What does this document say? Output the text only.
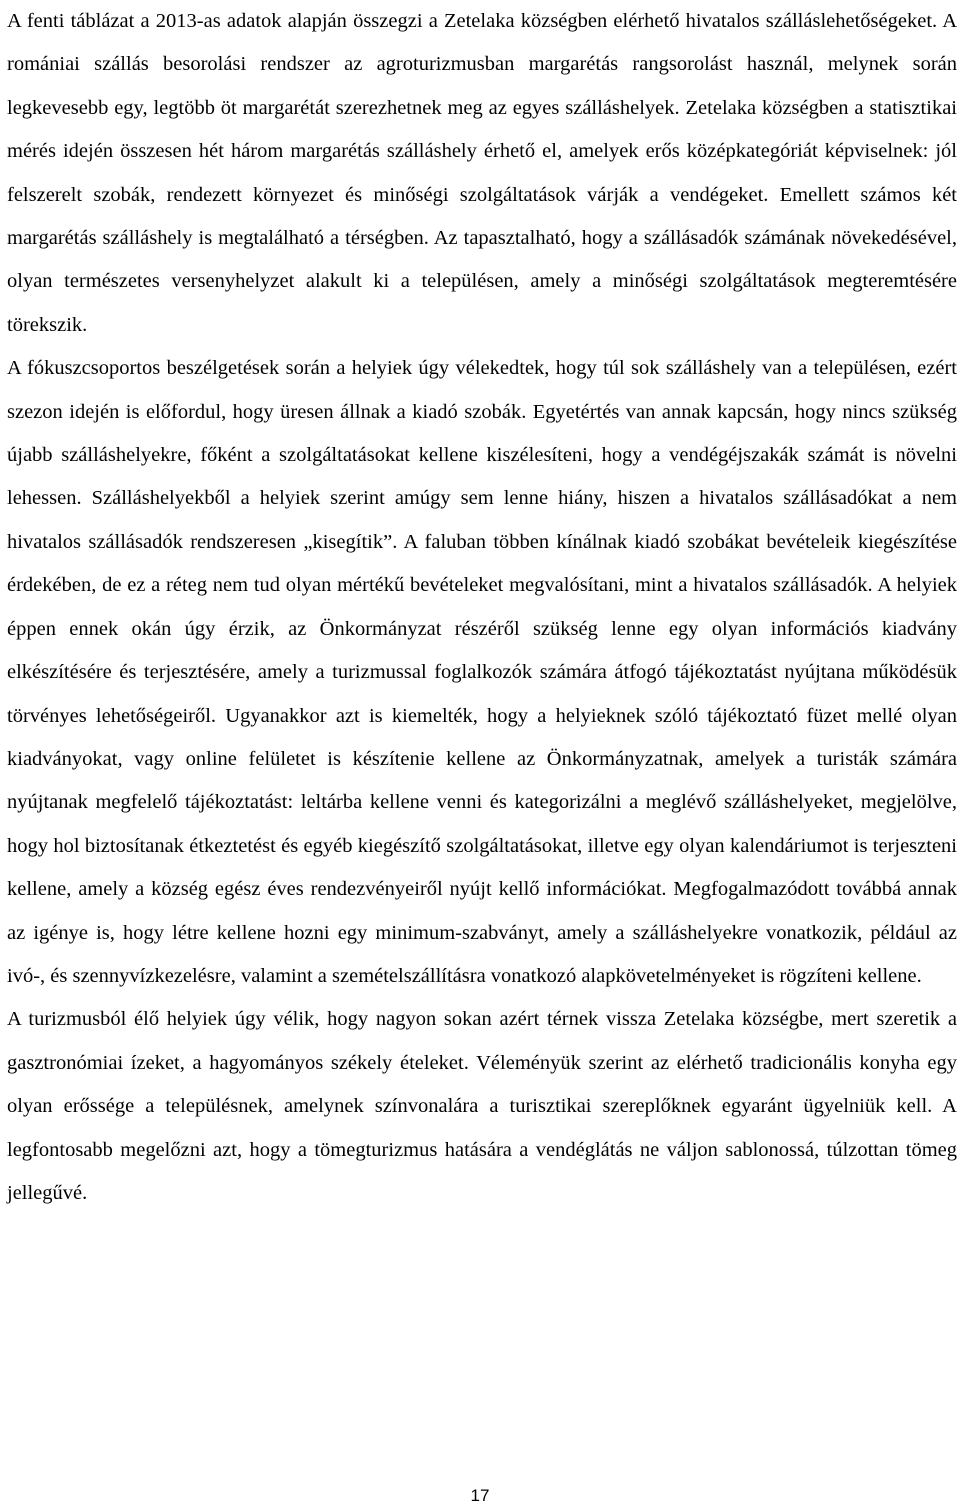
A fenti táblázat a 2013-as adatok alapján összegzi a Zetelaka községben elérhető hivatalos szálláslehetőségeket. A romániai szállás besorolási rendszer az agroturizmusban margarétás rangsorolást használ, melynek során legkevesebb egy, legtöbb öt margarétát szerezhetnek meg az egyes szálláshelyek. Zetelaka községben a statisztikai mérés idején összesen hét három margarétás szálláshely érhető el, amelyek erős középkategóriát képviselnek: jól felszerelt szobák, rendezett környezet és minőségi szolgáltatások várják a vendégeket. Emellett számos két margarétás szálláshely is megtalálható a térségben. Az tapasztalható, hogy a szállásadók számának növekedésével, olyan természetes versenyhelyzet alakult ki a településen, amely a minőségi szolgáltatások megteremtésére törekszik.

A fókuszcsoportos beszélgetések során a helyiek úgy vélekedtek, hogy túl sok szálláshely van a településen, ezért szezon idején is előfordul, hogy üresen állnak a kiadó szobák. Egyetértés van annak kapcsán, hogy nincs szükség újabb szálláshelyekre, főként a szolgáltatásokat kellene kiszélesíteni, hogy a vendégéjszakák számát is növelni lehessen. Szálláshelyekből a helyiek szerint amúgy sem lenne hiány, hiszen a hivatalos szállásadókat a nem hivatalos szállásadók rendszeresen „kisegítik”. A faluban többen kínálnak kiadó szobákat bevételeik kiegészítése érdekében, de ez a réteg nem tud olyan mértékű bevételeket megvalósítani, mint a hivatalos szállásadók. A helyiek éppen ennek okán úgy érzik, az Önkormányzat részéről szükség lenne egy olyan információs kiadvány elkészítésére és terjesztésére, amely a turizmussal foglalkozók számára átfogó tájékoztatást nyújtana működésük törvényes lehetőségeiről. Ugyanakkor azt is kiemelték, hogy a helyieknek szóló tájékoztató füzet mellé olyan kiadványokat, vagy online felületet is készítenie kellene az Önkormányzatnak, amelyek a turisták számára nyújtanak megfelelő tájékoztatást: leltárba kellene venni és kategorizálni a meglévő szálláshelyeket, megjelölve, hogy hol biztosítanak étkeztetést és egyéb kiegészítő szolgáltatásokat, illetve egy olyan kalendáriumot is terjeszteni kellene, amely a község egész éves rendezvényeiről nyújt kellő információkat. Megfogalmazódott továbbá annak az igénye is, hogy létre kellene hozni egy minimum-szabványt, amely a szálláshelyekre vonatkozik, például az ivó-, és szennyvízkezelésre, valamint a szemételszállításra vonatkozó alapkövetelményeket is rögzíteni kellene.

A turizmusból élő helyiek úgy vélik, hogy nagyon sokan azért térnek vissza Zetelaka községbe, mert szeretik a gasztronómiai ízeket, a hagyományos székely ételeket. Véleményük szerint az elérhető tradicionális konyha egy olyan erőssége a településnek, amelynek színvonalára a turisztikai szereplőknek egyaránt ügyelniük kell. A legfontosabb megelőzni azt, hogy a tömegturizmus hatására a vendéglátás ne váljon sablonossá, túlzottan tömeg jellegűvé.

17
